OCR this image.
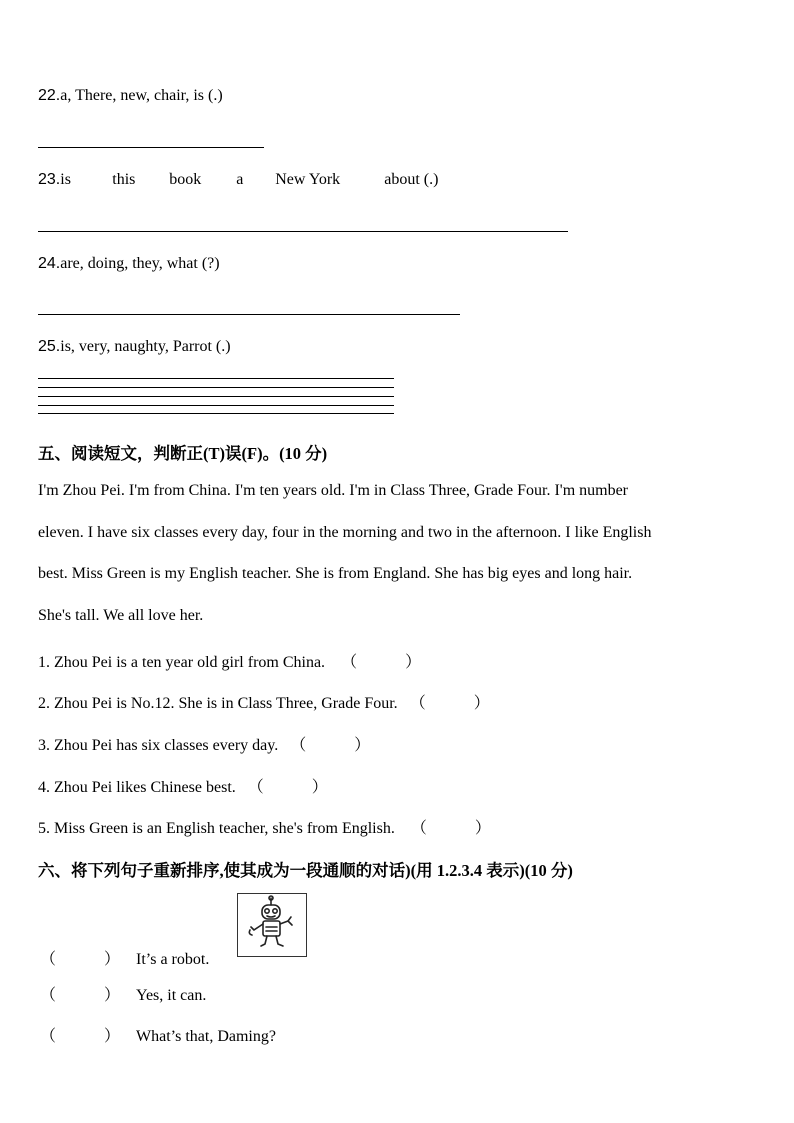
22.a, There, new, chair, is (.)
23.is	this book a New York	about (.)
24.are, doing, they, what (?)
25.is, very, naughty, Parrot (.)
五、阅读短文，判断正(T)误(F)。(10 分)
I'm Zhou Pei. I'm from China. I'm ten years old. I'm in Class Three, Grade Four. I'm number
eleven. I have six classes every day, four in the morning and two in the afternoon. I like English
best. Miss Green is my English teacher. She is from England. She has big eyes and long hair.
She's tall. We all love her.
1. Zhou Pei is a ten year old girl from China. （　　　）
2. Zhou Pei is No.12. She is in Class Three, Grade Four. （　　　）
3. Zhou Pei has six classes every day. （　　　）
4. Zhou Pei likes Chinese best. （　　　）
5. Miss Green is an English teacher, she's from English. （　　　）
六、将下列句子重新排序,使其成为一段通顺的对话)(用 1.2.3.4 表示)(10 分)
（　　　） It’s a robot.
（　　　） Yes, it can.
（　　　） What’s that, Daming?
